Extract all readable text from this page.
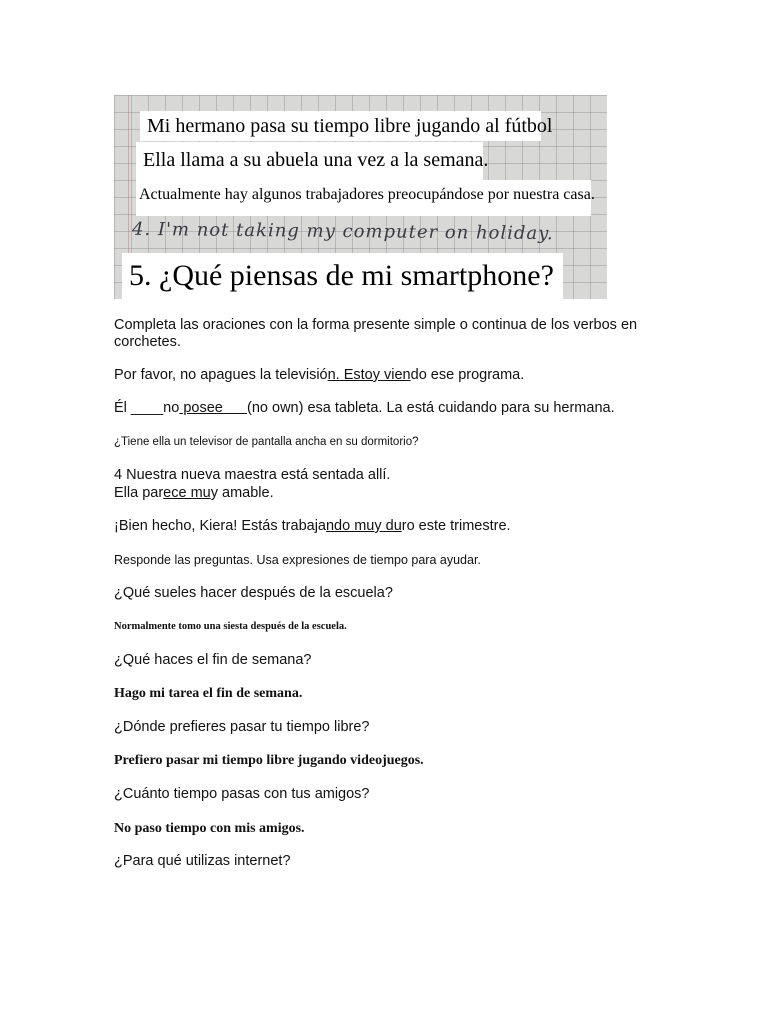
Mi hermano pasa su tiempo libre jugando al fútbol
Ella llama a su abuela una vez a la semana.
Actualmente hay algunos trabajadores preocupándose por nuestra casa.
4. I'm not taking my computer on holiday.
5. ¿Qué piensas de mi smartphone?
Completa las oraciones con la forma presente simple o continua de los verbos en
corchetes.
Por favor, no apagues la televisión. Estoy viendo ese programa.
Él ____no posee      (no own) esa tableta. La está cuidando para su hermana.
¿Tiene ella un televisor de pantalla ancha en su dormitorio?
4 Nuestra nueva maestra está sentada allí.
Ella parece muy amable.
¡Bien hecho, Kiera! Estás trabajando muy duro este trimestre.
Responde las preguntas. Usa expresiones de tiempo para ayudar.
¿Qué sueles hacer después de la escuela?
Normalmente tomo una siesta después de la escuela.
¿Qué haces el fin de semana?
Hago mi tarea el fin de semana.
¿Dónde prefieres pasar tu tiempo libre?
Prefiero pasar mi tiempo libre jugando videojuegos.
¿Cuánto tiempo pasas con tus amigos?
No paso tiempo con mis amigos.
¿Para qué utilizas internet?
